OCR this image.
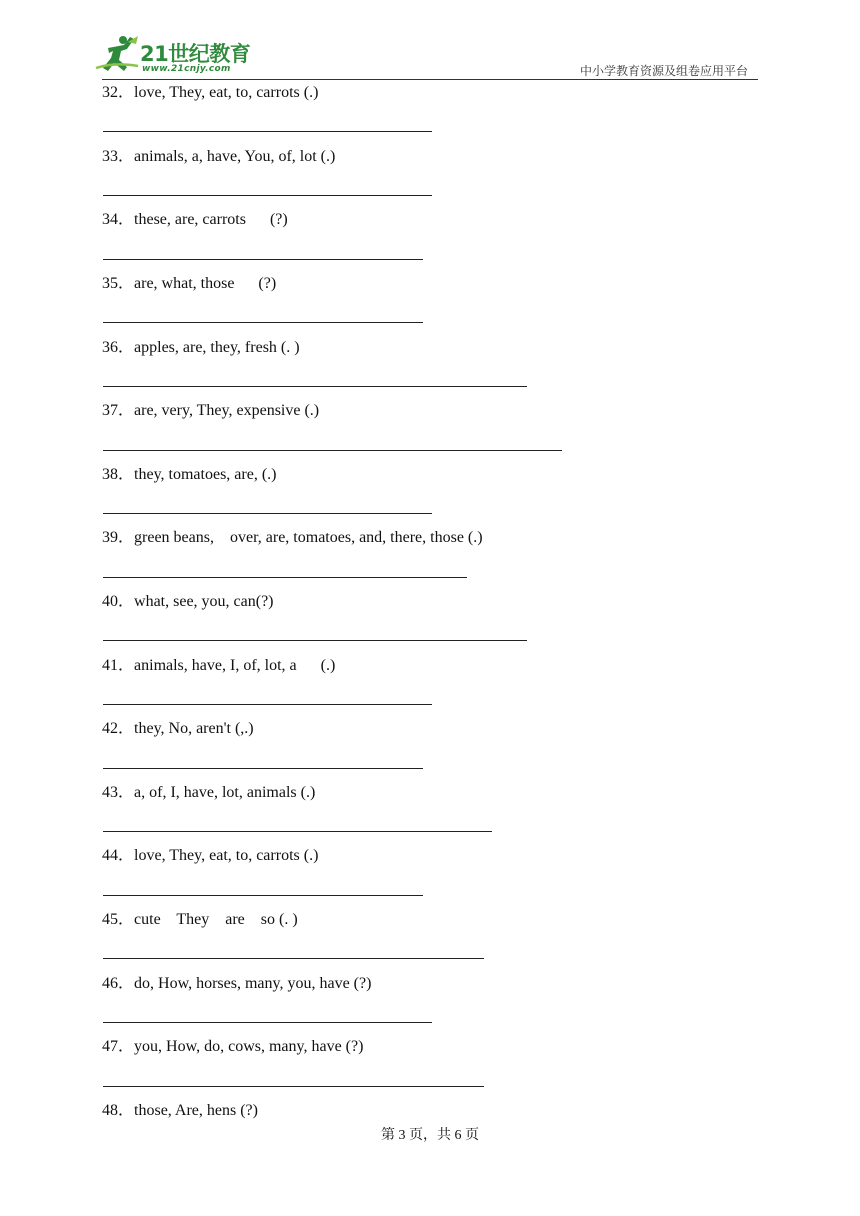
21世纪教育
www.21cnjy.com	中小学教育资源及组卷应用平台
32．love, They, eat, to, carrots (.)
33．animals, a, have, You, of, lot (.)
34．these, are, carrots      (?)
35．are, what, those      (?)
36．apples, are, they, fresh (. )
37．are, very, They, expensive (.)
38．they, tomatoes, are, (.)
39．green beans,    over, are, tomatoes, and, there, those (.)
40．what, see, you, can(?)
41．animals, have, I, of, lot, a      (.)
42．they, No, aren't (,.)
43．a, of, I, have, lot, animals (.)
44．love, They, eat, to, carrots (.)
45．cute    They    are    so (. )
46．do, How, horses, many, you, have (?)
47．you, How, do, cows, many, have (?)
48．those, Are, hens (?)
第 3 页，共 6 页
